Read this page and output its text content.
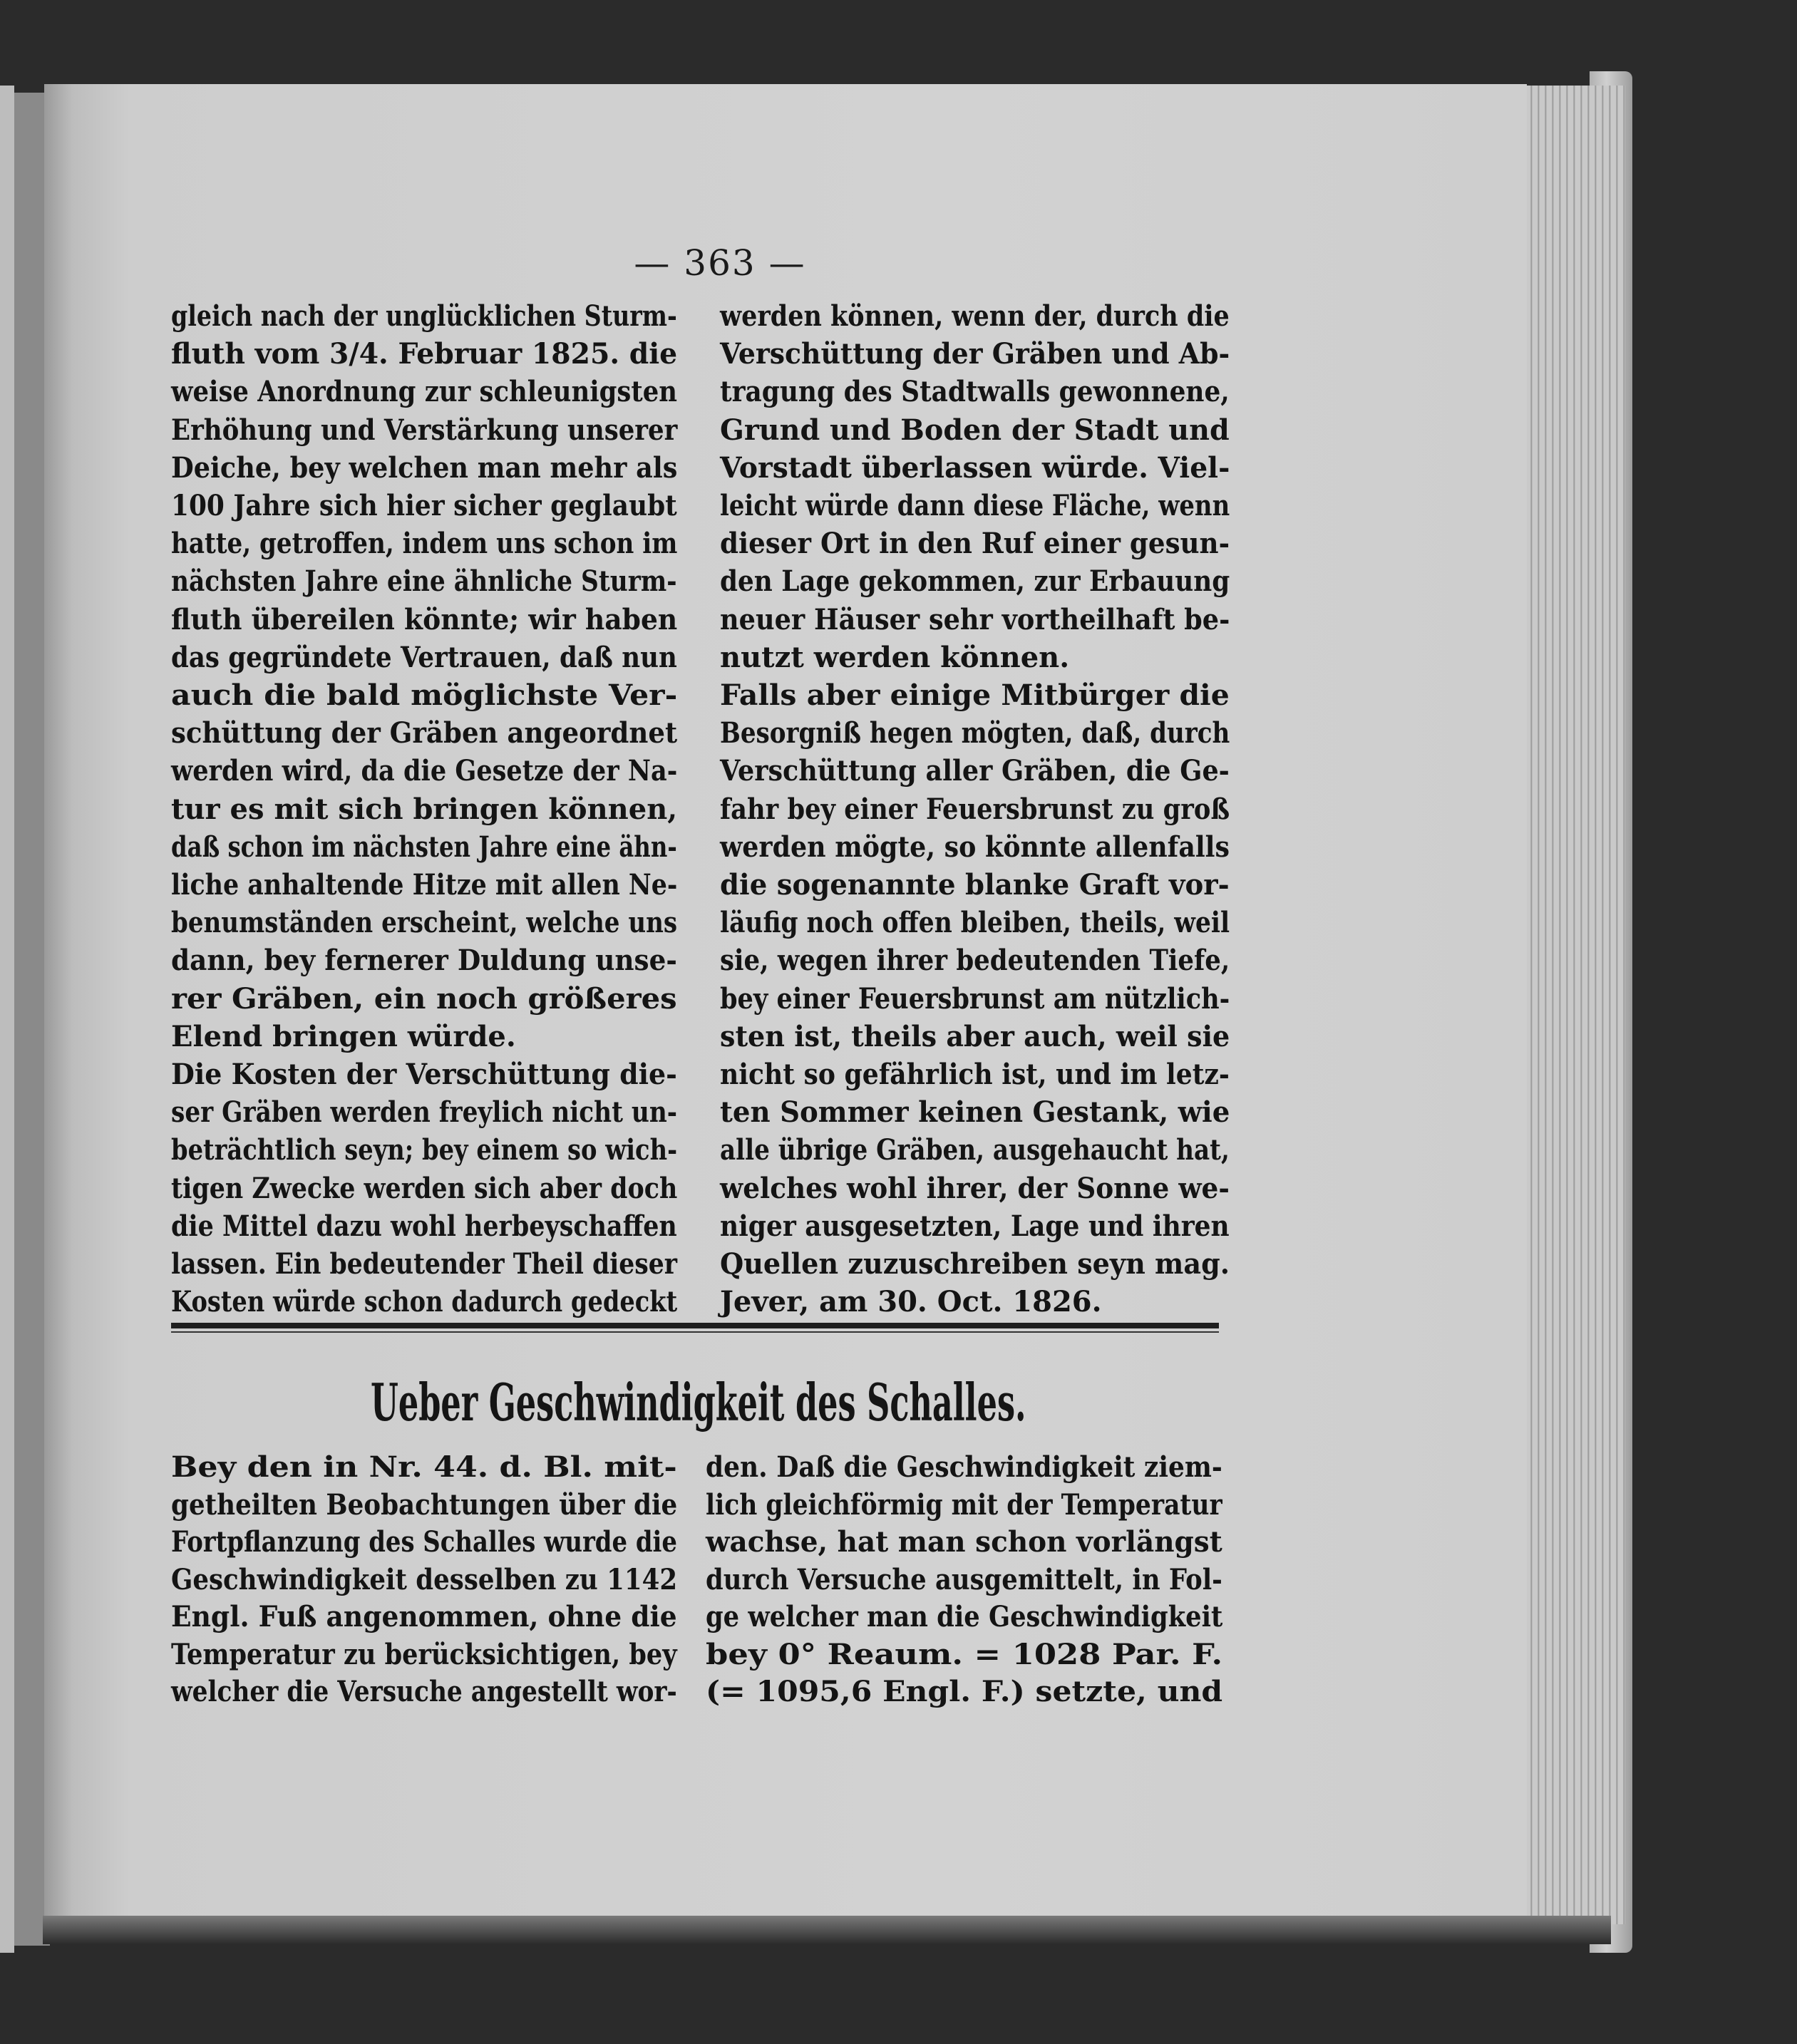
— 363 —
gleich nach der unglücklichen Sturm-
fluth vom 3/4. Februar 1825. die
weise Anordnung zur schleunigsten
Erhöhung und Verstärkung unserer
Deiche, bey welchen man mehr als
100 Jahre sich hier sicher geglaubt
hatte, getroffen, indem uns schon im
nächsten Jahre eine ähnliche Sturm-
fluth übereilen könnte; wir haben
das gegründete Vertrauen, daß nun
auch die bald möglichste Ver-
schüttung der Gräben angeordnet
werden wird, da die Gesetze der Na-
tur es mit sich bringen können,
daß schon im nächsten Jahre eine ähn-
liche anhaltende Hitze mit allen Ne-
benumständen erscheint, welche uns
dann, bey fernerer Duldung unse-
rer Gräben, ein noch größeres
Elend bringen würde.
Die Kosten der Verschüttung die-
ser Gräben werden freylich nicht un-
beträchtlich seyn; bey einem so wich-
tigen Zwecke werden sich aber doch
die Mittel dazu wohl herbeyschaffen
lassen. Ein bedeutender Theil dieser
Kosten würde schon dadurch gedeckt
werden können, wenn der, durch die
Verschüttung der Gräben und Ab-
tragung des Stadtwalls gewonnene,
Grund und Boden der Stadt und
Vorstadt überlassen würde. Viel-
leicht würde dann diese Fläche, wenn
dieser Ort in den Ruf einer gesun-
den Lage gekommen, zur Erbauung
neuer Häuser sehr vortheilhaft be-
nutzt werden können.
Falls aber einige Mitbürger die
Besorgniß hegen mögten, daß, durch
Verschüttung aller Gräben, die Ge-
fahr bey einer Feuersbrunst zu groß
werden mögte, so könnte allenfalls
die sogenannte blanke Graft vor-
läufig noch offen bleiben, theils, weil
sie, wegen ihrer bedeutenden Tiefe,
bey einer Feuersbrunst am nützlich-
sten ist, theils aber auch, weil sie
nicht so gefährlich ist, und im letz-
ten Sommer keinen Gestank, wie
alle übrige Gräben, ausgehaucht hat,
welches wohl ihrer, der Sonne we-
niger ausgesetzten, Lage und ihren
Quellen zuzuschreiben seyn mag.
Jever, am 30. Oct. 1826.
Ueber Geschwindigkeit des Schalles.
Bey den in Nr. 44. d. Bl. mit-
getheilten Beobachtungen über die
Fortpflanzung des Schalles wurde die
Geschwindigkeit desselben zu 1142
Engl. Fuß angenommen, ohne die
Temperatur zu berücksichtigen, bey
welcher die Versuche angestellt wor-
den. Daß die Geschwindigkeit ziem-
lich gleichförmig mit der Temperatur
wachse, hat man schon vorlängst
durch Versuche ausgemittelt, in Fol-
ge welcher man die Geschwindigkeit
bey 0° Reaum. = 1028 Par. F.
(= 1095,6 Engl. F.) setzte, und
